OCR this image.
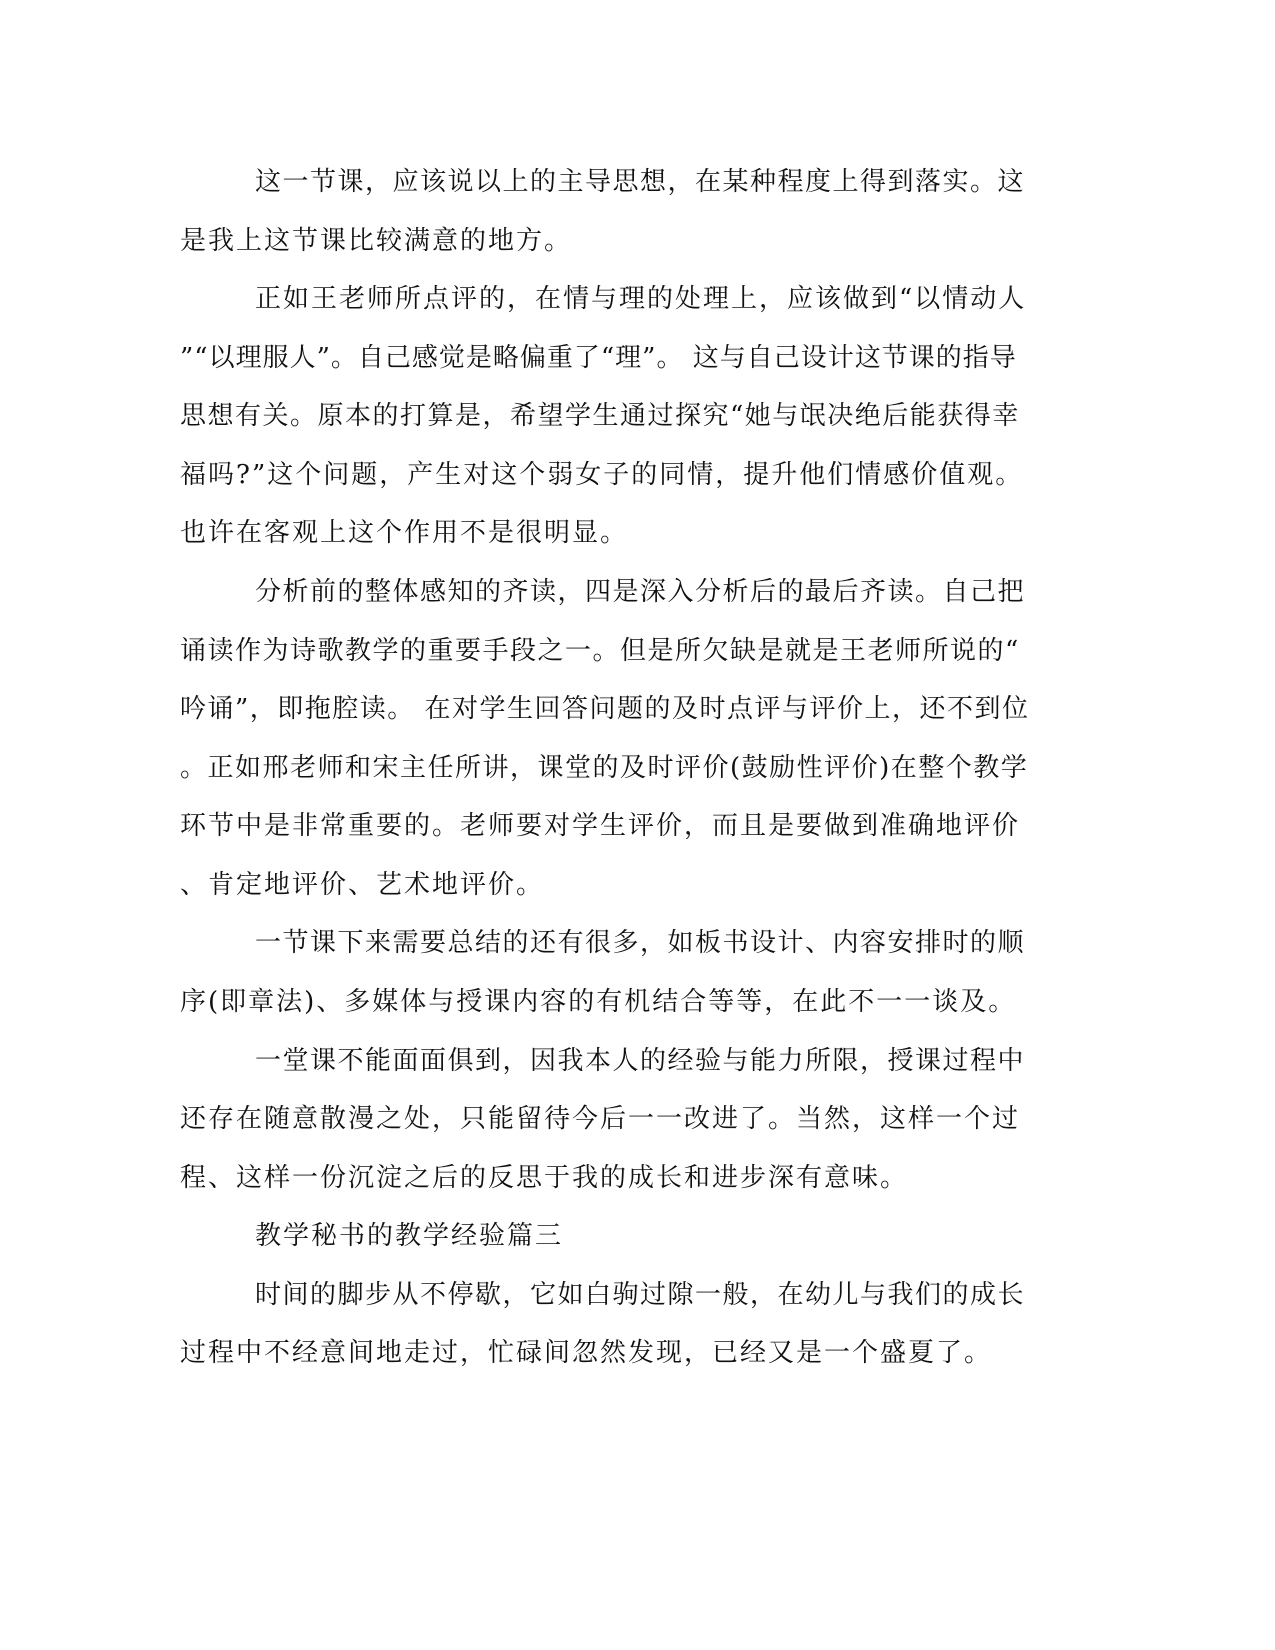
这一节课，应该说以上的主导思想，在某种程度上得到落实。这

是我上这节课比较满意的地方。

正如王老师所点评的，在情与理的处理上，应该做到“以情动人

”“以理服人”。自己感觉是略偏重了“理”。 这与自己设计这节课的指导

思想有关。原本的打算是，希望学生通过探究“她与氓决绝后能获得幸

福吗?”这个问题，产生对这个弱女子的同情，提升他们情感价值观。

也许在客观上这个作用不是很明显。

分析前的整体感知的齐读，四是深入分析后的最后齐读。自己把

诵读作为诗歌教学的重要手段之一。但是所欠缺是就是王老师所说的“

吟诵”，即拖腔读。 在对学生回答问题的及时点评与评价上，还不到位

。正如邢老师和宋主任所讲，课堂的及时评价(鼓励性评价)在整个教学

环节中是非常重要的。老师要对学生评价，而且是要做到准确地评价

、肯定地评价、艺术地评价。

一节课下来需要总结的还有很多，如板书设计、内容安排时的顺

序(即章法)、多媒体与授课内容的有机结合等等，在此不一一谈及。

一堂课不能面面俱到，因我本人的经验与能力所限，授课过程中

还存在随意散漫之处，只能留待今后一一改进了。当然，这样一个过

程、这样一份沉淀之后的反思于我的成长和进步深有意味。

教学秘书的教学经验篇三

时间的脚步从不停歇，它如白驹过隙一般，在幼儿与我们的成长

过程中不经意间地走过，忙碌间忽然发现，已经又是一个盛夏了。
